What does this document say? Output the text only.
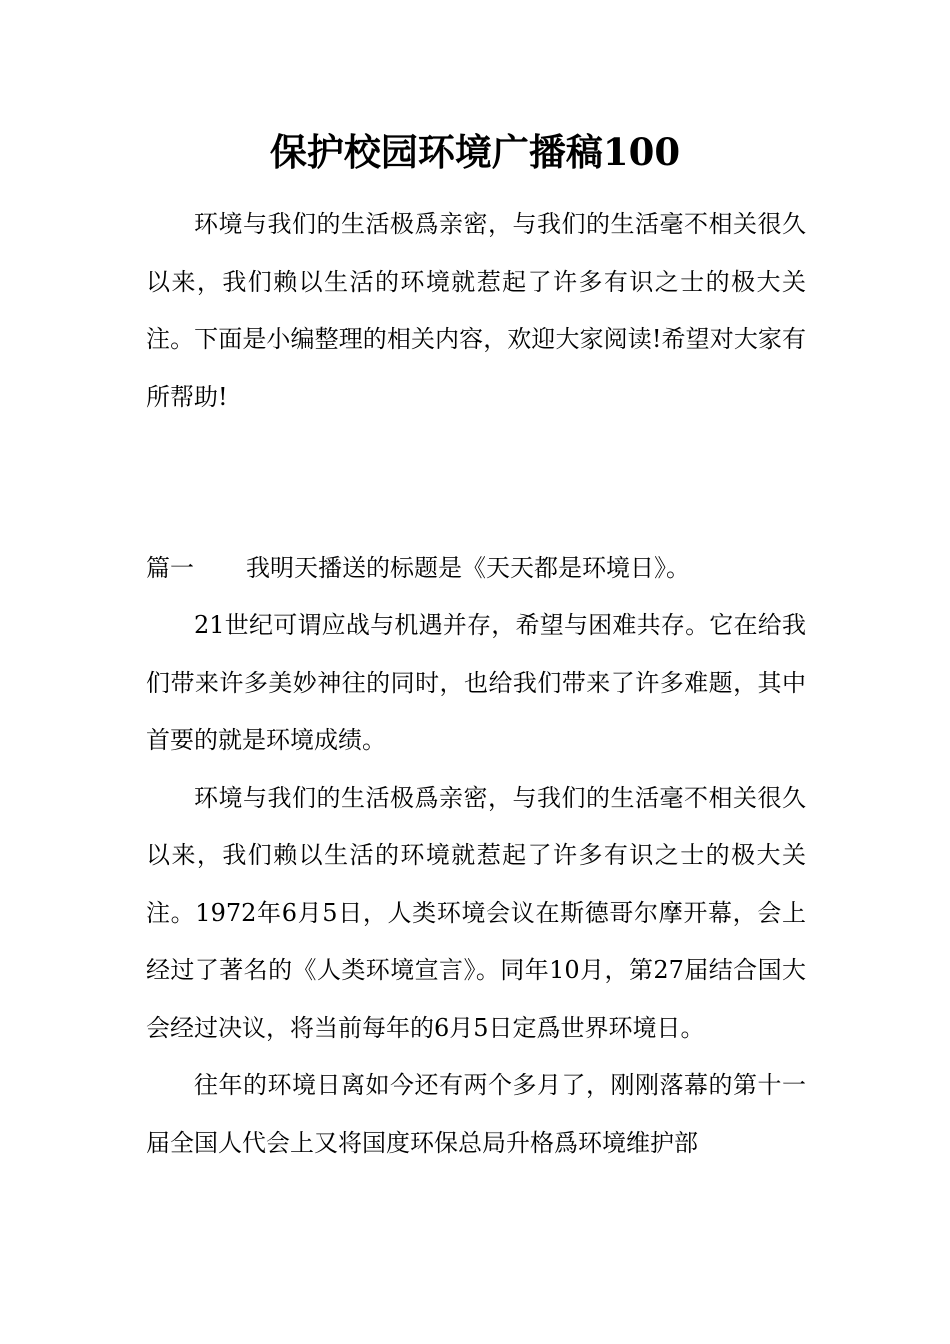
保护校园环境广播稿100

环境与我们的生活极爲亲密，与我们的生活毫不相关很久以来，我们赖以生活的环境就惹起了许多有识之士的极大关注。下面是小编整理的相关内容，欢迎大家阅读!希望对大家有所帮助!

篇一 我明天播送的标题是《天天都是环境日》。

21世纪可谓应战与机遇并存，希望与困难共存。它在给我们带来许多美妙神往的同时，也给我们带来了许多难题，其中首要的就是环境成绩。

环境与我们的生活极爲亲密，与我们的生活毫不相关很久以来，我们赖以生活的环境就惹起了许多有识之士的极大关注。1972年6月5日，人类环境会议在斯德哥尔摩开幕，会上经过了著名的《人类环境宣言》。同年10月，第27届结合国大会经过决议，将当前每年的6月5日定爲世界环境日。

往年的环境日离如今还有两个多月了，刚刚落幕的第十一届全国人代会上又将国度环保总局升格爲环境维护部
